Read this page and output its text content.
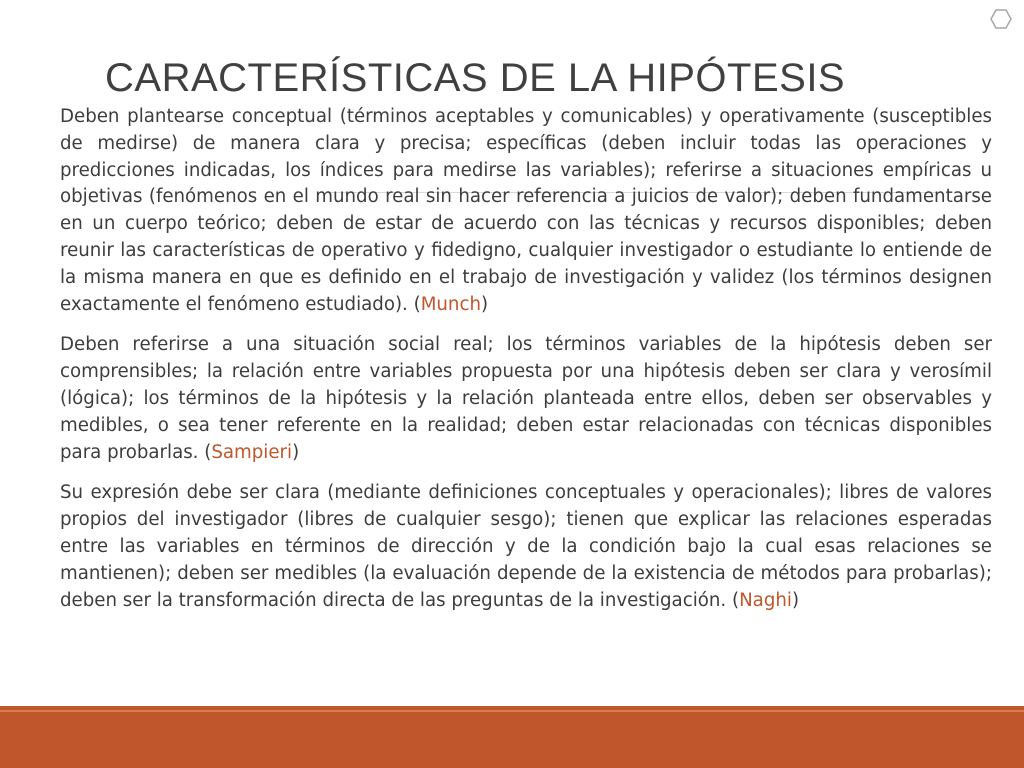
CARACTERÍSTICAS DE LA HIPÓTESIS

Deben plantearse conceptual (términos aceptables y comunicables) y operativamente (susceptibles de medirse) de manera clara y precisa; específicas (deben incluir todas las operaciones y predicciones indicadas, los índices para medirse las variables); referirse a situaciones empíricas u objetivas (fenómenos en el mundo real sin hacer referencia a juicios de valor); deben fundamentarse en un cuerpo teórico; deben de estar de acuerdo con las técnicas y recursos disponibles; deben reunir las características de operativo y fidedigno, cualquier investigador o estudiante lo entiende de la misma manera en que es definido en el trabajo de investigación y validez (los términos designen exactamente el fenómeno estudiado). (Munch)

Deben referirse a una situación social real; los términos variables de la hipótesis deben ser comprensibles; la relación entre variables propuesta por una hipótesis deben ser clara y verosímil (lógica); los términos de la hipótesis y la relación planteada entre ellos, deben ser observables y medibles, o sea tener referente en la realidad; deben estar relacionadas con técnicas disponibles para probarlas. (Sampieri)

Su expresión debe ser clara (mediante definiciones conceptuales y operacionales); libres de valores propios del investigador (libres de cualquier sesgo); tienen que explicar las relaciones esperadas entre las variables en términos de dirección y de la condición bajo la cual esas relaciones se mantienen); deben ser medibles (la evaluación depende de la existencia de métodos para probarlas); deben ser la transformación directa de las preguntas de la investigación. (Naghi)
